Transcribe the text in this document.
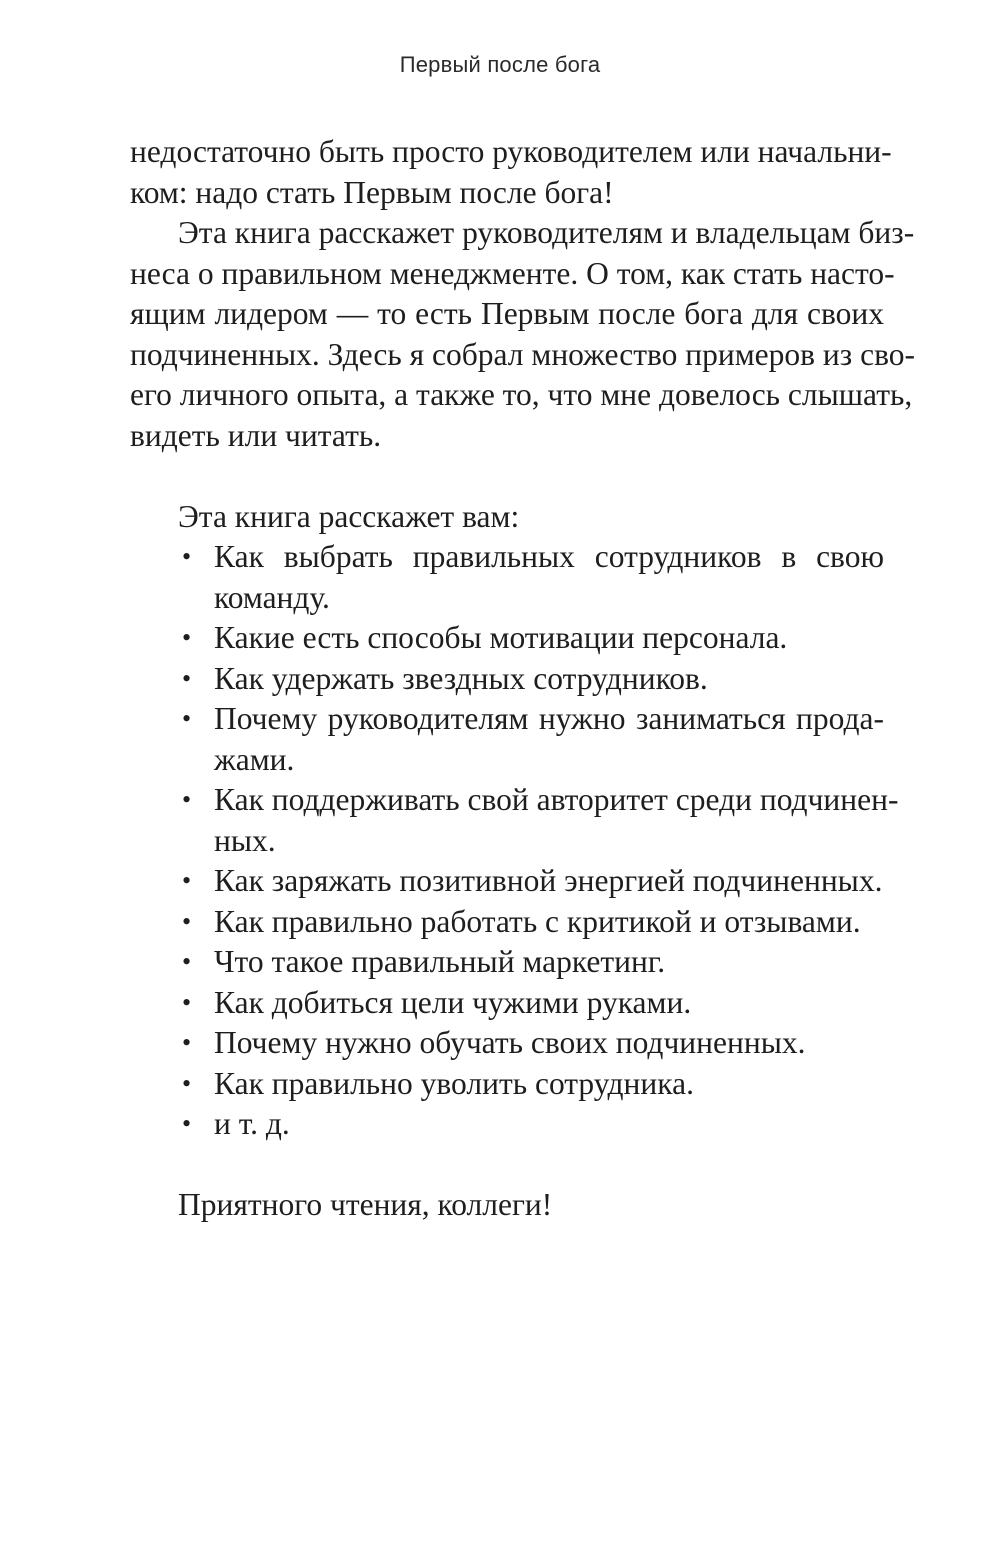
Первый после бога
недостаточно быть просто руководителем или начальни-
ком: надо стать Первым после бога!
Эта книга расскажет руководителям и владельцам биз-
неса о правильном менеджменте. О том, как стать насто-
ящим лидером — то есть Первым после бога для своих
подчиненных. Здесь я собрал множество примеров из сво-
его личного опыта, а также то, что мне довелось слышать,
видеть или читать.
Эта книга расскажет вам:
• Как выбрать правильных сотрудников в свою
команду.
• Какие есть способы мотивации персонала.
• Как удержать звездных сотрудников.
• Почему руководителям нужно заниматься прода-
жами.
• Как поддерживать свой авторитет среди подчинен-
ных.
• Как заряжать позитивной энергией подчиненных.
• Как правильно работать с критикой и отзывами.
• Что такое правильный маркетинг.
• Как добиться цели чужими руками.
• Почему нужно обучать своих подчиненных.
• Как правильно уволить сотрудника.
• и т. д.
Приятного чтения, коллеги!
